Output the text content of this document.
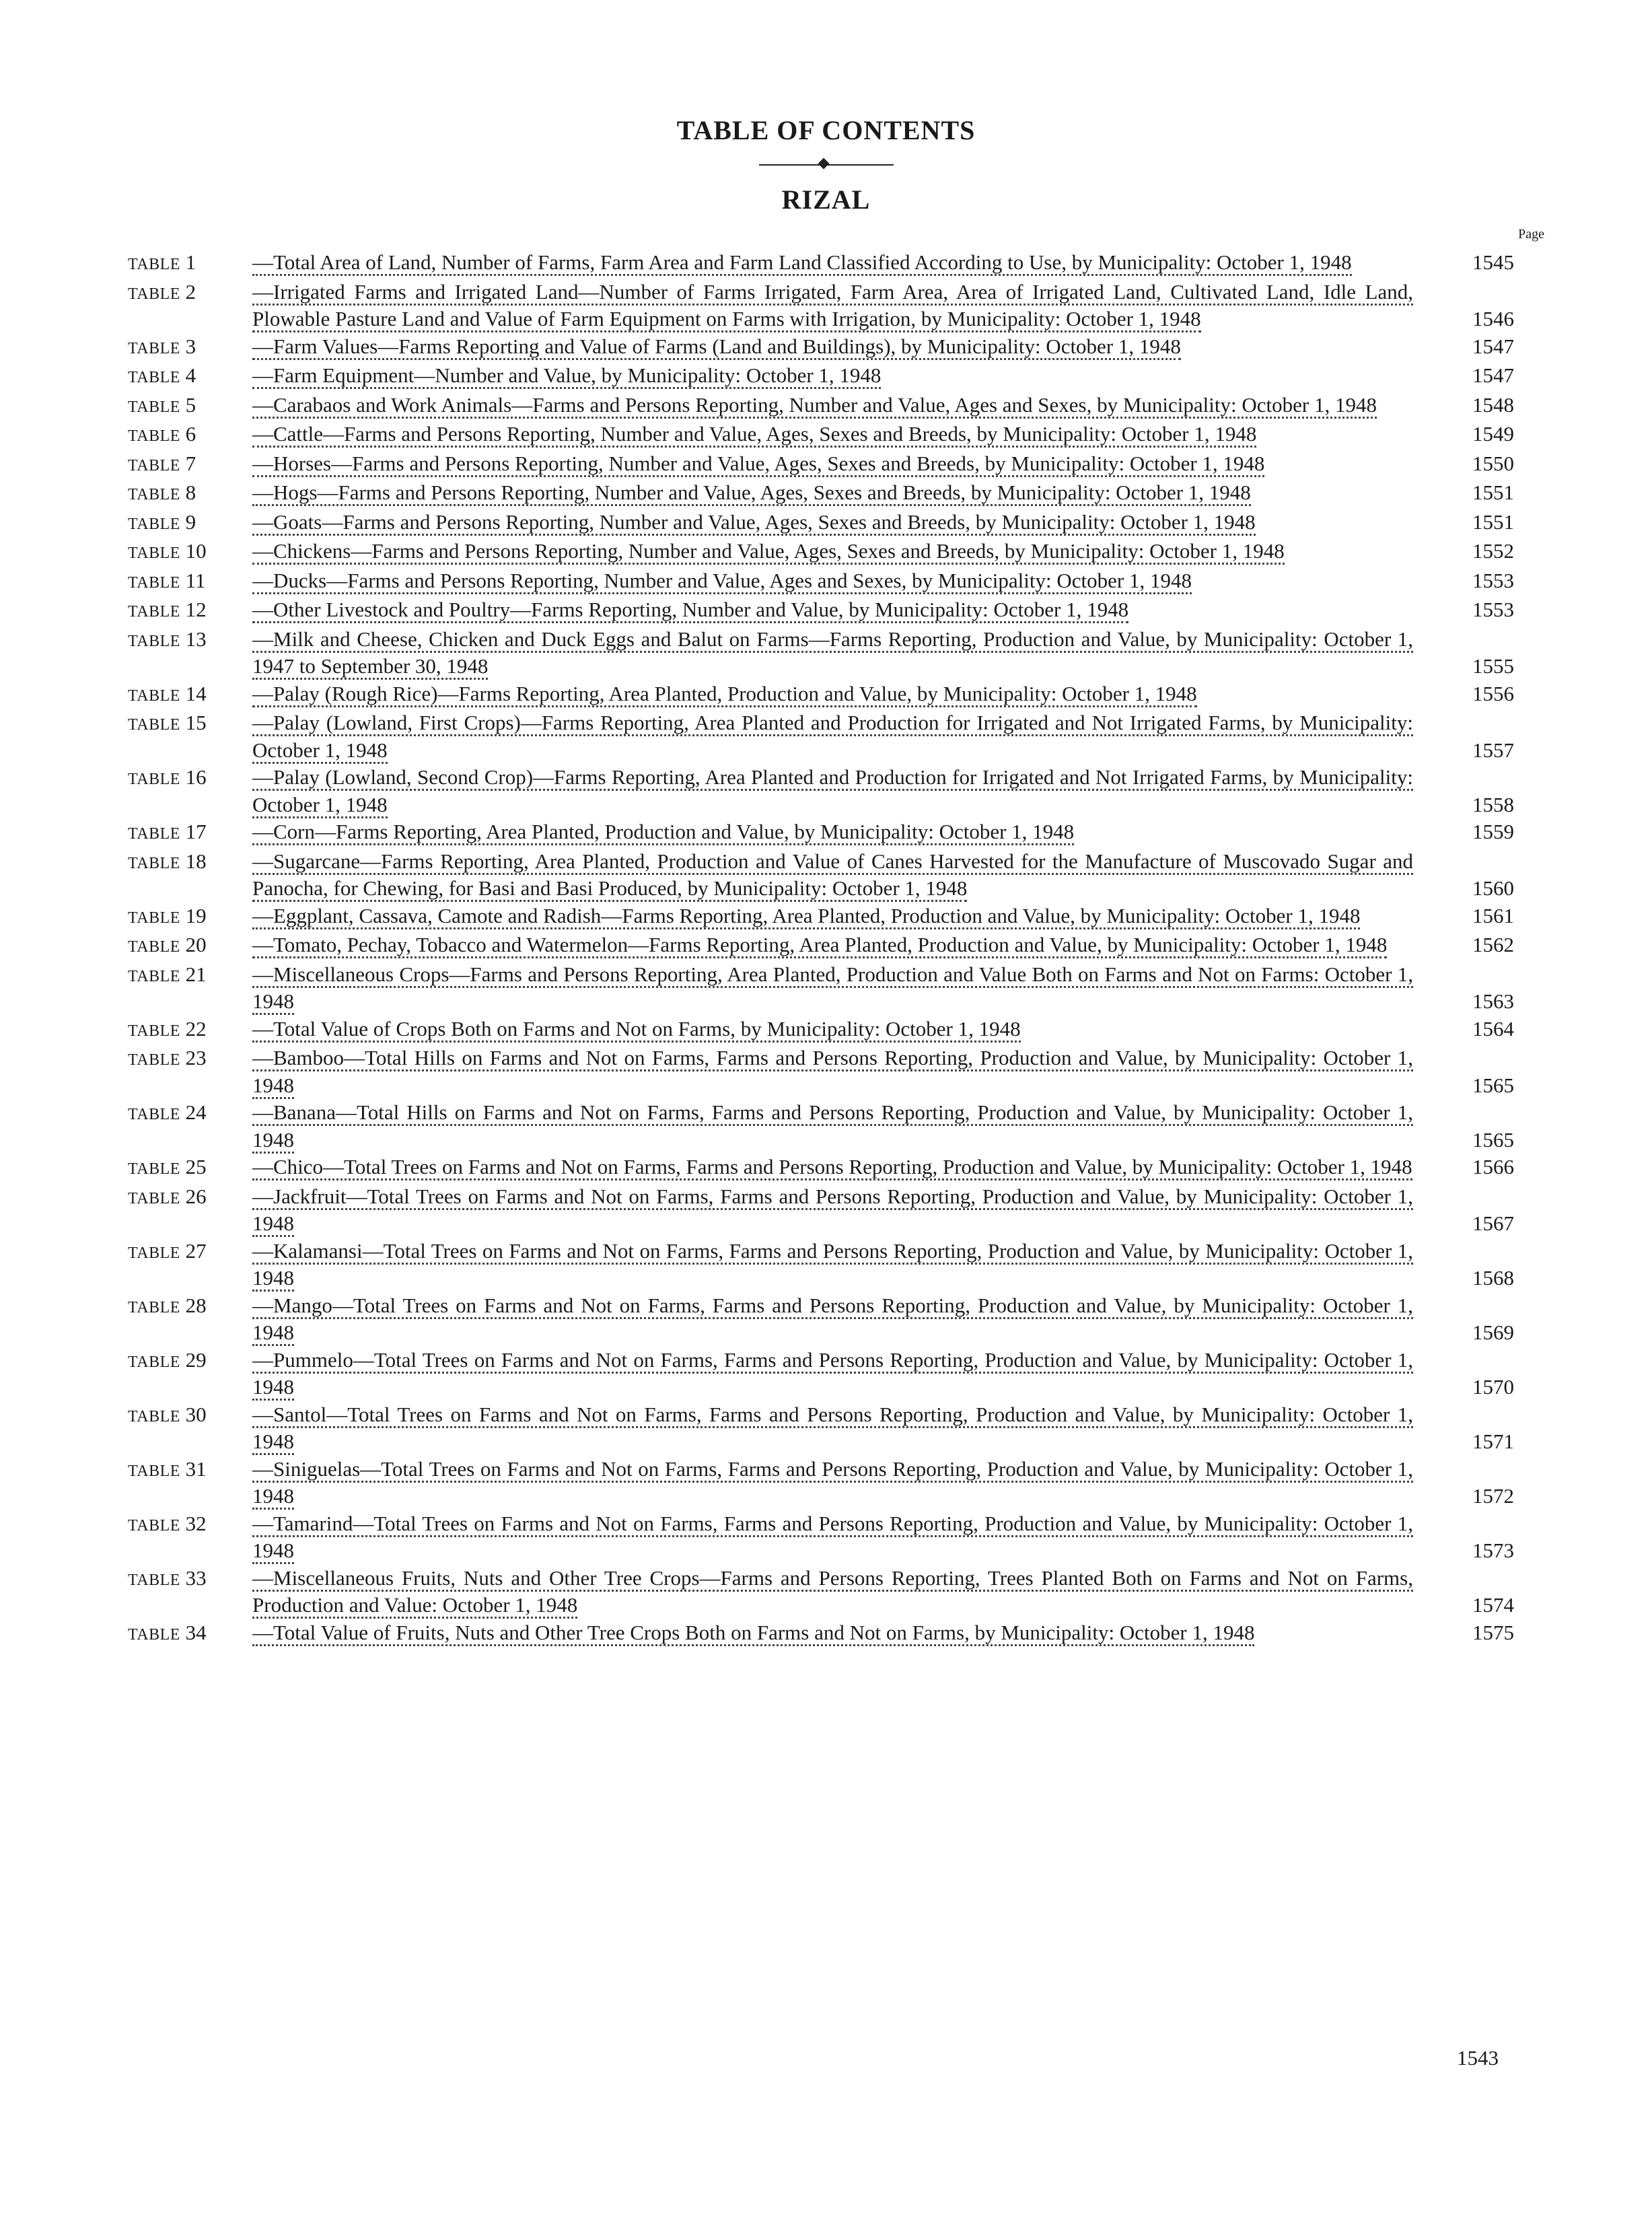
TABLE OF CONTENTS
RIZAL
Page
TABLE 1	—Total Area of Land, Number of Farms, Farm Area and Farm Land Classified According to Use, by Municipality: October 1, 1948	1545
TABLE 2	—Irrigated Farms and Irrigated Land—Number of Farms Irrigated, Farm Area, Area of Irrigated Land, Cultivated Land, Idle Land, Plowable Pasture Land and Value of Farm Equipment on Farms with Irrigation, by Municipality: October 1, 1948	1546
TABLE 3	—Farm Values—Farms Reporting and Value of Farms (Land and Buildings), by Municipality: October 1, 1948	1547
TABLE 4	—Farm Equipment—Number and Value, by Municipality: October 1, 1948	1547
TABLE 5	—Carabaos and Work Animals—Farms and Persons Reporting, Number and Value, Ages and Sexes, by Municipality: October 1, 1948	1548
TABLE 6	—Cattle—Farms and Persons Reporting, Number and Value, Ages, Sexes and Breeds, by Municipality: October 1, 1948	1549
TABLE 7	—Horses—Farms and Persons Reporting, Number and Value, Ages, Sexes and Breeds, by Municipality: October 1, 1948	1550
TABLE 8	—Hogs—Farms and Persons Reporting, Number and Value, Ages, Sexes and Breeds, by Municipality: October 1, 1948	1551
TABLE 9	—Goats—Farms and Persons Reporting, Number and Value, Ages, Sexes and Breeds, by Municipality: October 1, 1948	1551
TABLE 10	—Chickens—Farms and Persons Reporting, Number and Value, Ages, Sexes and Breeds, by Municipality: October 1, 1948	1552
TABLE 11	—Ducks—Farms and Persons Reporting, Number and Value, Ages and Sexes, by Municipality: October 1, 1948	1553
TABLE 12	—Other Livestock and Poultry—Farms Reporting, Number and Value, by Municipality: October 1, 1948	1553
TABLE 13	—Milk and Cheese, Chicken and Duck Eggs and Balut on Farms—Farms Reporting, Production and Value, by Municipality: October 1, 1947 to September 30, 1948	1555
TABLE 14	—Palay (Rough Rice)—Farms Reporting, Area Planted, Production and Value, by Municipality: October 1, 1948	1556
TABLE 15	—Palay (Lowland, First Crops)—Farms Reporting, Area Planted and Production for Irrigated and Not Irrigated Farms, by Municipality: October 1, 1948	1557
TABLE 16	—Palay (Lowland, Second Crop)—Farms Reporting, Area Planted and Production for Irrigated and Not Irrigated Farms, by Municipality: October 1, 1948	1558
TABLE 17	—Corn—Farms Reporting, Area Planted, Production and Value, by Municipality: October 1, 1948	1559
TABLE 18	—Sugarcane—Farms Reporting, Area Planted, Production and Value of Canes Harvested for the Manufacture of Muscovado Sugar and Panocha, for Chewing, for Basi and Basi Produced, by Municipality: October 1, 1948	1560
TABLE 19	—Eggplant, Cassava, Camote and Radish—Farms Reporting, Area Planted, Production and Value, by Municipality: October 1, 1948	1561
TABLE 20	—Tomato, Pechay, Tobacco and Watermelon—Farms Reporting, Area Planted, Production and Value, by Municipality: October 1, 1948	1562
TABLE 21	—Miscellaneous Crops—Farms and Persons Reporting, Area Planted, Production and Value Both on Farms and Not on Farms: October 1, 1948	1563
TABLE 22	—Total Value of Crops Both on Farms and Not on Farms, by Municipality: October 1, 1948	1564
TABLE 23	—Bamboo—Total Hills on Farms and Not on Farms, Farms and Persons Reporting, Production and Value, by Municipality: October 1, 1948	1565
TABLE 24	—Banana—Total Hills on Farms and Not on Farms, Farms and Persons Reporting, Production and Value, by Municipality: October 1, 1948	1565
TABLE 25	—Chico—Total Trees on Farms and Not on Farms, Farms and Persons Reporting, Production and Value, by Municipality: October 1, 1948	1566
TABLE 26	—Jackfruit—Total Trees on Farms and Not on Farms, Farms and Persons Reporting, Production and Value, by Municipality: October 1, 1948	1567
TABLE 27	—Kalamansi—Total Trees on Farms and Not on Farms, Farms and Persons Reporting, Production and Value, by Municipality: October 1, 1948	1568
TABLE 28	—Mango—Total Trees on Farms and Not on Farms, Farms and Persons Reporting, Production and Value, by Municipality: October 1, 1948	1569
TABLE 29	—Pummelo—Total Trees on Farms and Not on Farms, Farms and Persons Reporting, Production and Value, by Municipality: October 1, 1948	1570
TABLE 30	—Santol—Total Trees on Farms and Not on Farms, Farms and Persons Reporting, Production and Value, by Municipality: October 1, 1948	1571
TABLE 31	—Siniguelas—Total Trees on Farms and Not on Farms, Farms and Persons Reporting, Production and Value, by Municipality: October 1, 1948	1572
TABLE 32	—Tamarind—Total Trees on Farms and Not on Farms, Farms and Persons Reporting, Production and Value, by Municipality: October 1, 1948	1573
TABLE 33	—Miscellaneous Fruits, Nuts and Other Tree Crops—Farms and Persons Reporting, Trees Planted Both on Farms and Not on Farms, Production and Value: October 1, 1948	1574
TABLE 34	—Total Value of Fruits, Nuts and Other Tree Crops Both on Farms and Not on Farms, by Municipality: October 1, 1948	1575
1543
